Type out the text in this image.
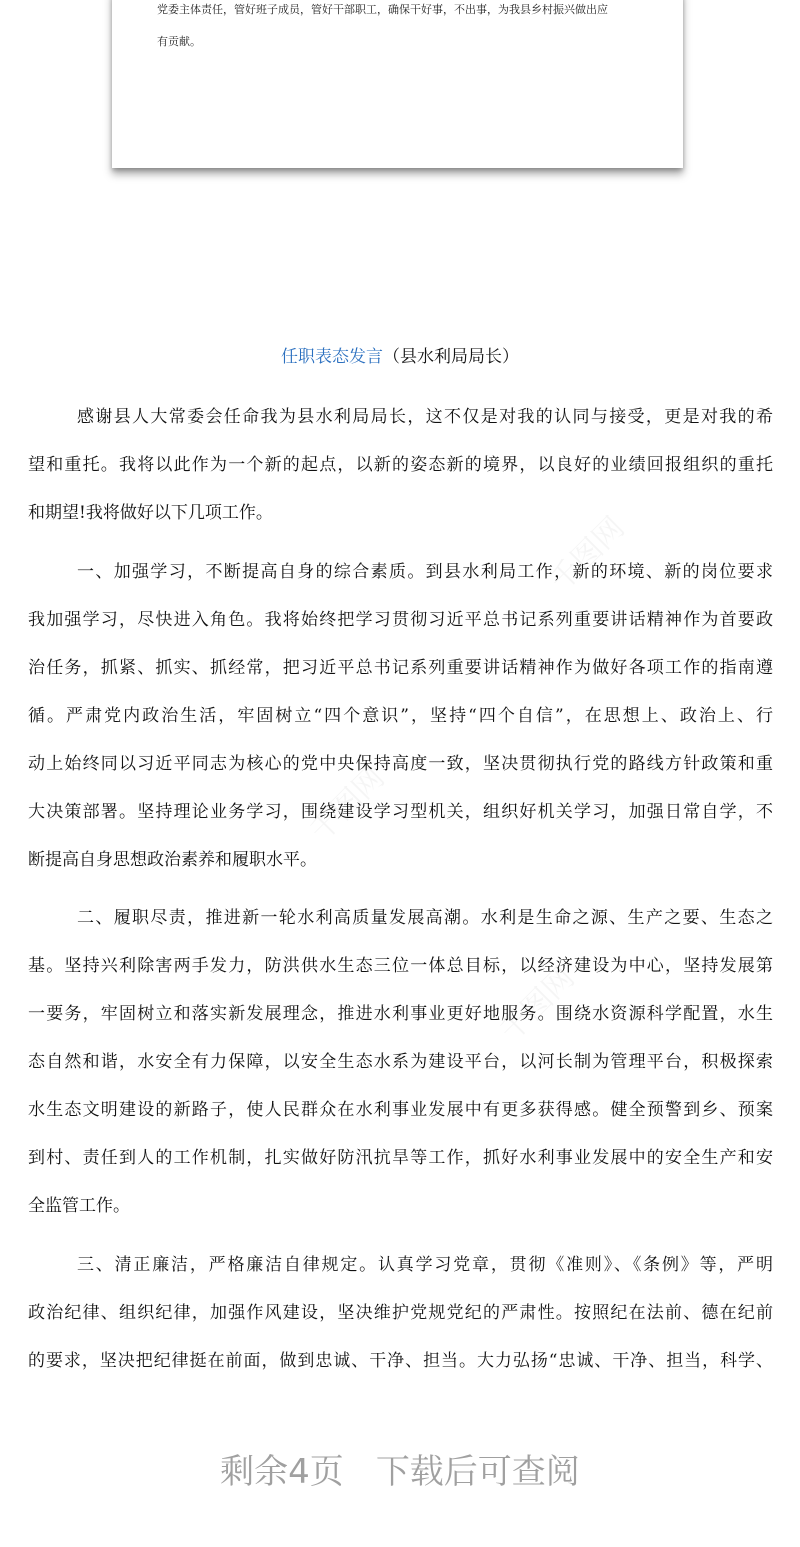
党委主体责任，管好班子成员，管好干部职工，确保干好事，不出事，为我县乡村振兴做出应
有贡献。
任职表态发言（县水利局局长）
感谢县人大常委会任命我为县水利局局长，这不仅是对我的认同与接受，更是对我的希
望和重托。我将以此作为一个新的起点，以新的姿态新的境界，以良好的业绩回报组织的重托
和期望!我将做好以下几项工作。
一、加强学习，不断提高自身的综合素质。到县水利局工作，新的环境、新的岗位要求
我加强学习，尽快进入角色。我将始终把学习贯彻习近平总书记系列重要讲话精神作为首要政
治任务，抓紧、抓实、抓经常，把习近平总书记系列重要讲话精神作为做好各项工作的指南遵
循。严肃党内政治生活，牢固树立“四个意识”，坚持“四个自信”，在思想上、政治上、行
动上始终同以习近平同志为核心的党中央保持高度一致，坚决贯彻执行党的路线方针政策和重
大决策部署。坚持理论业务学习，围绕建设学习型机关，组织好机关学习，加强日常自学，不
断提高自身思想政治素养和履职水平。
二、履职尽责，推进新一轮水利高质量发展高潮。水利是生命之源、生产之要、生态之
基。坚持兴利除害两手发力，防洪供水生态三位一体总目标，以经济建设为中心，坚持发展第
一要务，牢固树立和落实新发展理念，推进水利事业更好地服务。围绕水资源科学配置，水生
态自然和谐，水安全有力保障，以安全生态水系为建设平台，以河长制为管理平台，积极探索
水生态文明建设的新路子，使人民群众在水利事业发展中有更多获得感。健全预警到乡、预案
到村、责任到人的工作机制，扎实做好防汛抗旱等工作，抓好水利事业发展中的安全生产和安
全监管工作。
三、清正廉洁，严格廉洁自律规定。认真学习党章，贯彻《准则》、《条例》等，严明
政治纪律、组织纪律，加强作风建设，坚决维护党规党纪的严肃性。按照纪在法前、德在纪前
的要求，坚决把纪律挺在前面，做到忠诚、干净、担当。大力弘扬“忠诚、干净、担当，科学、
剩余4页 下载后可查阅
